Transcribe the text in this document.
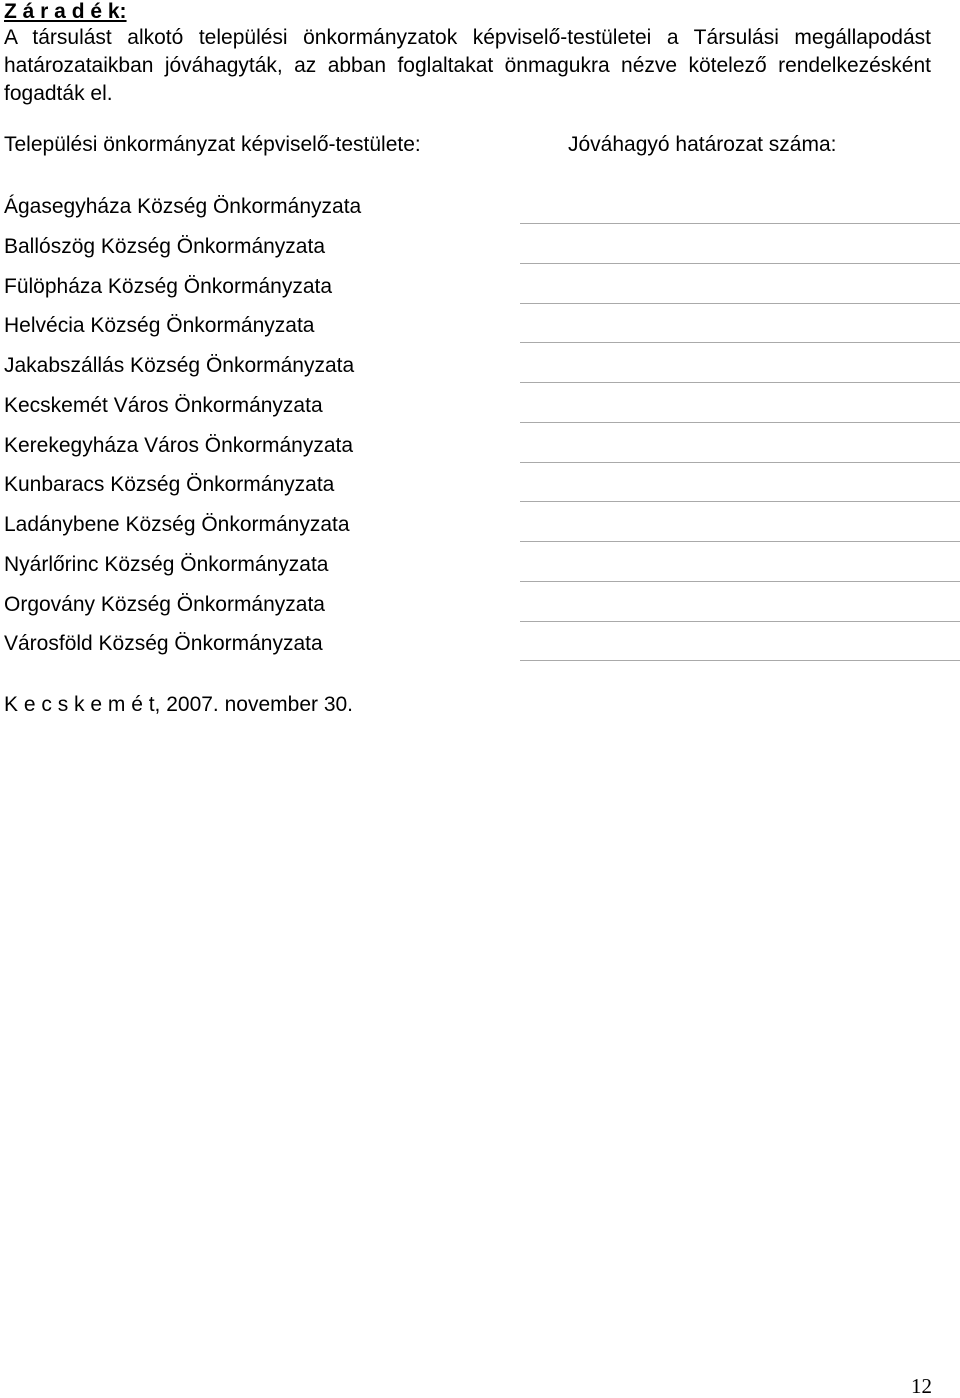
Z á r a d é k:
A társulást alkotó települési önkormányzatok képviselő-testületei a Társulási megállapodást határozataikban jóváhagyták, az abban foglaltakat önmagukra nézve kötelező rendelkezésként fogadták el.
Települési önkormányzat képviselő-testülete:	Jóváhagyó határozat száma:
Ágasegyháza Község Önkormányzata
Ballószög Község Önkormányzata
Fülöpháza Község Önkormányzata
Helvécia Község Önkormányzata
Jakabszállás Község Önkormányzata
Kecskemét Város Önkormányzata
Kerekegyháza Város Önkormányzata
Kunbaracs Község Önkormányzata
Ladánybene Község Önkormányzata
Nyárlőrinc Község Önkormányzata
Orgovány Község Önkormányzata
Városföld Község Önkormányzata
K e c s k e m é t, 2007. november 30.
12
